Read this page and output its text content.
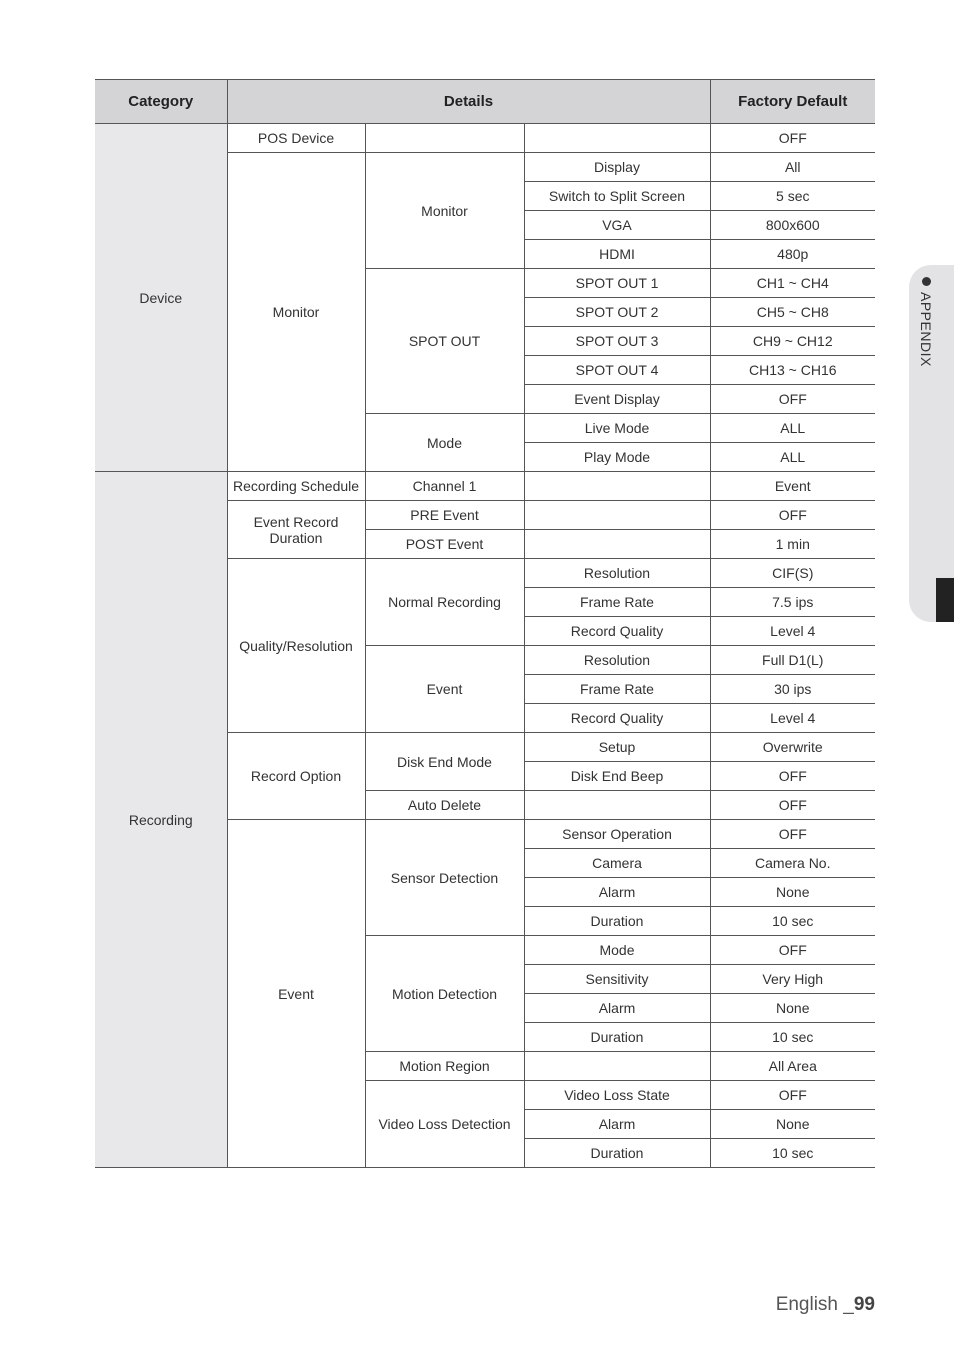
APPENDIX
Category	Details			Factory Default
Device	POS Device			OFF
	Monitor	Monitor	Display	All
			Switch to Split Screen	5 sec
			VGA	800x600
			HDMI	480p
		SPOT OUT	SPOT OUT 1	CH1 ~ CH4
			SPOT OUT 2	CH5 ~ CH8
			SPOT OUT 3	CH9 ~ CH12
			SPOT OUT 4	CH13 ~ CH16
			Event Display	OFF
		Mode	Live Mode	ALL
			Play Mode	ALL
Recording	Recording Schedule	Channel 1		Event
	Event Record Duration	PRE Event		OFF
		POST Event		1 min
	Quality/Resolution	Normal Recording	Resolution	CIF(S)
			Frame Rate	7.5 ips
			Record Quality	Level 4
		Event	Resolution	Full D1(L)
			Frame Rate	30 ips
			Record Quality	Level 4
	Record Option	Disk End Mode	Setup	Overwrite
			Disk End Beep	OFF
		Auto Delete		OFF
	Event	Sensor Detection	Sensor Operation	OFF
			Camera	Camera No.
			Alarm	None
			Duration	10 sec
		Motion Detection	Mode	OFF
			Sensitivity	Very High
			Alarm	None
			Duration	10 sec
		Motion Region		All Area
		Video Loss Detection	Video Loss State	OFF
			Alarm	None
			Duration	10 sec
English _99
